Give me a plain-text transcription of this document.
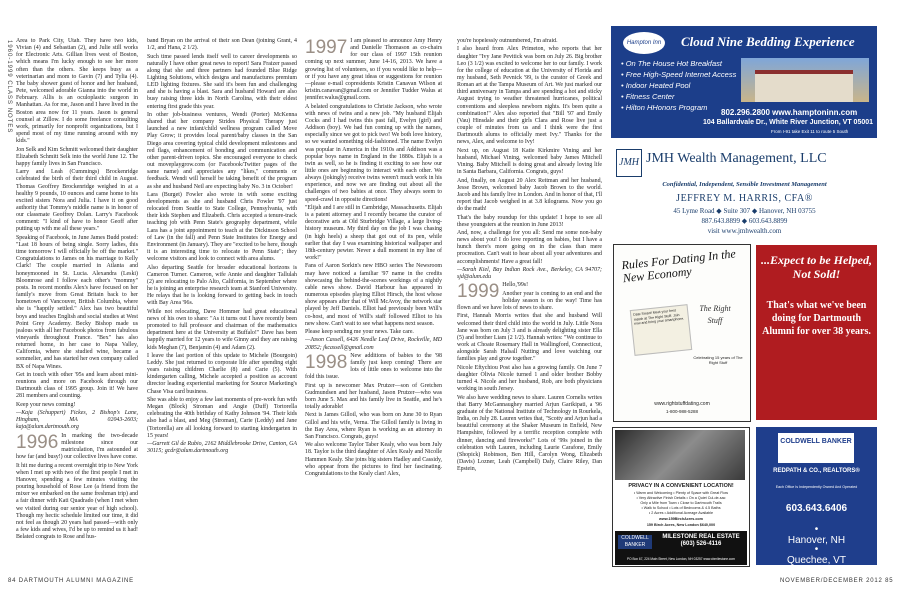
1960-1999 CLASS NOTES Area to Park City, Utah. They have two kids, Vivian (4) and Sebastian (2), and Julie still works for Electronic Arts. Gillian lives west of Boston, which means I'm lucky enough to see her more often than the others. She keeps busy as a veterinarian and mom to Gavin (7) and Tylia (4). The baby shower guest of honor and her husband, Pete, welcomed adorable Gianna into the world in February. Allis is an oculoplastic surgeon in Manhattan. As for me, Jason and I have lived in the Boston area now for 11 years. Jason is general counsel at Zillow. I do some freelance consulting work, primarily for nonprofit organizations, but I spend most of my time running around with my kids."

Jon Selk and Kim Schmitt welcomed their daughter Elizabeth Schmitt Selk into the world June 12. The happy family lives in San Francisco.

Larry and Leah (Cummings) Brockenridge celebrated the birth of their third child in August. Thomas Geoffrey Brockenridge weighed in at a healthy 9 pounds, 10 ounces and came home to his excited sisters Nora and Julia. I have it on good authority that Tommy's middle name is in honor of our classmate Geoffrey Dolan. Larry's Facebook comment: "I kind of have to honor Geoff after putting up with me all these years."

Speaking of Facebook, in June James Budd posted: "Last 18 hours of being single. Sorry ladies, this time tomorrow I will officially be off the market." Congratulations to James on his marriage to Kelly Clark! The couple married in Atlanta and honeymooned in St. Lucia. Alexandra (Leski) Bloomrose and I follow each other's "mommy" posts. In recent months Alex's have focused on her family's move from Great Britain back to her hometown of Vancouver, British Columbia, where she is "happily settled." Alex has two beautiful boys and teaches English and social studies at West Point Grey Academy. Becky Bishop made us jealous with all her Facebook photos from fabulous vineyards throughout France. "Bex" has also returned home, in her case to Napa Valley, California, where she studied wine, became a sommelier, and has started her own company called BX of Napa Wines.

Get in touch with other '95s and learn about mini-reunions and more on Facebook through our Dartmouth class of 1995 group. Join it! We have 281 members and counting.

Keep your news coming!

—Kaja (Schuppert) Fickes, 2 Bishop's Lane, Hingham, MA 02043-2603; kaja@alum.dartmouth.org

1996 In marking the two-decade milestone since our matriculation, I'm astounded at how far (and busy!) our collective lives have come.

It hit me during a recent overnight trip to New York when I met up with two of the first people I met in Hanover, spending a few minutes visiting the pouring household of Rose Lee (a friend from the mixer we embarked on the same freshman trip) and a fair dinner with Kati Quadrado (when I met when we visited during our senior year of high school). Though my hectic schedule limited our time, it did not feel as though 20 years had passed—with only a few kids and wives, I'd be up to remind us it had! Belated congrats to Rose and hus-

band Bryan on the arrival of their son Dean (joining Grant, 4 1/2, and Hana, 2 1/2).

Such time passed lends itself well to career developments so naturally I have other great news to report! Sara Fraizer passed along that she and three partners had founded Blue Ridge Lighting Solutions, which designs and manufactures premium LED lighting fixtures. She said it's been fun and challenging and she is having a blast. Sara and husband Howard are also busy raising three kids in North Carolina, with their eldest entering first grade this year.

In other job-business ventures, Wendi (Porter) McKenna shared that her company Strides Physical Therapy just launched a new infant/child wellness program called Move Play Grow; it provides local parent/baby classes in the San Diego area covering typical child development milestones and red flags, enhancement of bonding and communication and other parent-driven topics. She encouraged everyone to check out moveplaygrow.com (or Facebook/Twitter pages of the same name) and appreciates any "likes," comments or feedback. Wendi will herself be taking benefit of the program as she and husband Neil are expecting baby No. 3 in October!

Lara (Burget) Fowler also wrote in with some exciting developments as she and husband Chris Fowler '97 just relocated from Seattle to State College, Pennsylvania, with their kids Stephen and Elizabeth. Chris accepted a tenure-track teaching job with Penn State's geography department, while Lara has a joint appointment to teach at the Dickinson School of Law (in the fall) and Penn State Institutes for Energy and Environment (in January). They are "excited to be here, though it is an interesting time to relocate to Penn State"; they welcome visitors and look to connect with area alums.

Also departing Seattle for broader educational horizons is Cameron Turner. Cameron, wife Annie and daughter Tallulah (2) are relocating to Palo Alto, California, in September where he is joining an enterprise research team at Stanford University. He relays that he is looking forward to getting back in touch with Bay Area '96s.

While not relocating, Dave Hommer had great educational news of his own to share: "As it turns out I have recently been promoted to full professor and chairman of the mathematics department here at the University at Buffalo!" Dave has been happily married for 12 years to wife Ginny and they are raising kids Meghan (7), Benjamin (4) and Adam (2).

I leave the last portion of this update to Michele (Bourgoin) Leddy. She just returned to corporate life after spending eight years raising children Charlie (8) and Carie (5). With kindergarten calling, Michele accepted a position as account director leading experiential marketing for Source Marketing's Chase Visa card business.

She was able to enjoy a few last moments of pre-work fun with Megan (Block) Stroman and Angie (Duff) Tortorella celebrating the 40th birthday of Kathy Johnson '94. Their kids also had a blast, and Meg (Stroman), Carie (Leddy) and Jane (Tortorella) are all looking forward to starting kindergarten in 15 years!

—Garrett Gil de Rubio, 2162 Middlebrooke Drive, Canton, GA 30115; gcdr@alum.dartmouth.org

1997 I am pleased to announce Amy Henry and Danielle Thomason as co-chairs for our class of 1997 15th reunion coming up next summer, June 14-16, 2013. We have a growing list of volunteers, so if you would like to help—or if you have any great ideas or suggestions for reunion—please e-mail copresidents Kristin Canavan Wilson at kristin.canavan@gmail.com or Jennifer Tudder Walus at jennifer.walus@gmail.com.

A belated congratulations to Christie Jackson, who wrote with news of twins and a new job. "My husband Elijah Cocks and I had twins this past fall, Evelyn (girl) and Addison (boy). We had fun coming up with the names, especially since we got to pick two! We both love history, so we wanted something old-fashioned. The name Evelyn was popular in America in the 1910s and Addison was a popular boys name in England in the 1880s. Elijah is a twin as well, so he is finding it exciting to see how our little ones are beginning to interact with each other. We always (jokingly) receive twins weren't much work in his experience, and now we are finding out about all the challenges of two babies at once. They always seem to speed-crawl in opposite directions!

"Elijah and I are still in Cambridge, Massachusetts. Elijah is a patent attorney and I recently became the curator of decorative arts at Old Sturbridge Village, a large living-history museum. My third day on the job I was chasing (in high heels) a sheep that got out of its pen, while earlier that day I was examining historical wallpaper and 18th-century pewter. Never a dull moment in my line of work!"

Fans of Aaron Sorkin's new HBO series The Newsroom may have noticed a familiar '97 name in the credits showcasing the behind-the-scenes workings of a nightly cable news show. David Harbour has appeared in numerous episodes playing Elliot Hirsch, the host whose show appears after that of Will McAvoy, the network star played by Jeff Daniels. Elliot had previously been Will's co-host, and most of Will's staff followed Elliot to his new show. Can't wait to see what happens next season.

Please keep sending me your news. Take care.

—Jason Cassell, 6426 Needle Leaf Drive, Rockville, MD 20852; jkcassell@gmail.com

1998 New additions of babies to the '98 family just keep coming! There are lots of little ones to welcome into the fold this issue.

First up is newcomer Max Prutzer—son of Gretchen Gudmundsen and her husband, Jason Prutzer—who was born June 5. Max and his family live in Seattle, and he's totally adorable!

Next is James Gilloil, who was born on June 30 to Ryan Gillol and his wife, Verna. The Gilloil family is living in the Bay Area, where Ryan is working as an attorney in San Francisco. Congrats, guys!

We also welcome Taylor Taber Kealy, who was born July 18. Taylor is the third daughter of Alex Kealy and Nicolle Hammen Kealy. She joins big sisters Hadley and Cassidy, who appear from the pictures to find her fascinating. Congratulations to the Kealy clan! Alex,

84 DARTMOUTH ALUMNI MAGAZINE

you're hopelessly outnumbered, I'm afraid.

I also heard from Alex Primeton, who reports that her daughter "Ivy Jane Pevitick was born on July 26. Big brother Leo (3 1/2) was excited to welcome her to our family. I work for the college of education at the University of Florida and my husband, Seth Pevnick '99, is the curator of Greek and Roman art at the Tampa Museum of Art. We just marked our third anniversary in Tampa and are spending a hot and sticky August trying to weather threatened hurricanes, political conventions and sleepless newborn nights. It's been quite a combination!" Alex also reported that "Bill '97 and Emily (Vau) Hinsdale and their girls Clara and Rose live just a couple of minutes from us and I think were the first Dartmouth alums to officially meet Ivy." Thanks for the news, Alex, and welcome to Ivy!

Next up, on August 18 Katie Kirkmire Vining and her husband, Michael Vining, welcomed baby James Mitchell Vining. Baby Mitchell is doing great and already loving life in Santa Barbara, California. Congrats, guys!

And, finally, on August 20 Alex Reitman and her husband, Jesse Brown, welcomed baby Jacob Brown to the world. Jacob and his family live in London. And in honor of that, I'll report that Jacob weighed in at 3.8 kilograms. Now you go do the math!

That's the baby roundup for this update! I hope to see all these youngsters at the reunion in June 2013!

And, now, a challenge for you all: Send me some non-baby news about you! I do love reporting on babies, but I have a hunch there's more going on in the class than mere procreation. Can't wait to hear about all your adventures and accomplishments! Have a great fall!

—Sarah Kiel, Bay Indian Rock Ave., Berkeley, CA 94707; sjd@alum.edu

1999 Hello,'99s!

Another year is coming to an end and the holiday season is on the way! Time has flown and we have lots of news to share.

First, Hannah Morris writes that she and husband Will welcomed their third child into the world in July. Little Nora Jane was born on July 3 and is already delighting sister Ella (5) and brother Liam (2 1/2). Hannah writes: "We continue to work at Choate Rosemary Hall in Wallingford, Connecticut, alongside Sarah Halsall Nutting and love watching our families play and grow together."

Nicole Eftychiou Post also has a growing family. On June 7 daughter Olivia Nicole turned 1 and older brother Bobby turned 4. Nicole and her husband, Rob, are both physicians working in south Jersey.

We also have wedding news to share. Lauren Cornelis writes that Barry McGannaughey married Arjun Garikipati, a '96 graduate of the National Institute of Technology in Rourkela, India, on July 28. Lauren writes that, "Scotty and Arjun had a beautiful ceremony at the Shaker Museum in Enfield, New Hampshire, followed by a terrific reception complete with dinner, dancing and fireworks!" Lots of '99s joined in the celebration with Lauren, including Laurie Carafone, Emily (Shopick) Robinson, Ben Hill, Carolyn Wong, Elizabeth (Davis) Lozner, Leah (Campbell) Daly, Claire Riley, Dan Epstein,

NOVEMBER/DECEMBER 2012 85
Hampton Inn Cloud Nine Bedding Experience
• On The House Hot Breakfast
• Free High-Speed Internet Access
• Indoor Heated Pool
• Fitness Center
• Hilton HHonors Program
802.296.2800 www.hamptoninn.com
104 Ballardvale Dr., White River Junction, VT 05001
From I-91 take Exit 11 to route 5 South
JMH JMH Wealth Management, LLC
Confidential, Independent, Sensible Investment Management
JEFFREY M. HARRIS, CFA®
45 Lyme Road ◆ Suite 307 ◆ Hanover, NH 03755
887.643.8899 ◆ 603.643.8899
visit www.jmhwealth.com
Rules For Dating In the New Economy
Date Smart! Meet your best match at The Right Stuff. Join now and bring your smartphone.
The Right Stuff
Celebrating 15 years of The Right Stuff
www.rightstuffdating.com
1-800-988-5288
...Expect to be Helped, Not Sold!
That's what we've been doing for Dartmouth Alumni for over 38 years.
PRIVACY IN A CONVENIENT LOCATION!
• Warm and Welcoming • Plenty of Space with Great Flow
• Very Attractive Finish Details • On a Quiet Cul-de-sac
Only a Mile from Town • Close to Dartmouth Trails
• Walk to School • Lots of Bedrooms & 4.5 Baths
• 2 Acres • Additional Acreage Available
www.159BirchAcres.com
159 Birch Acres, New London $640,000
COLDWELL BANKER
MILESTONE REAL ESTATE (603) 526-4116
PO Box 67, 224 Main Street, New London, NH 03257 www.cbmilestone.com
COLDWELL BANKER
REDPATH & CO., REALTORS®
Each Office Is Independently Owned And Operated
603.643.6406
•
Hanover, NH
•
Quechee, VT
